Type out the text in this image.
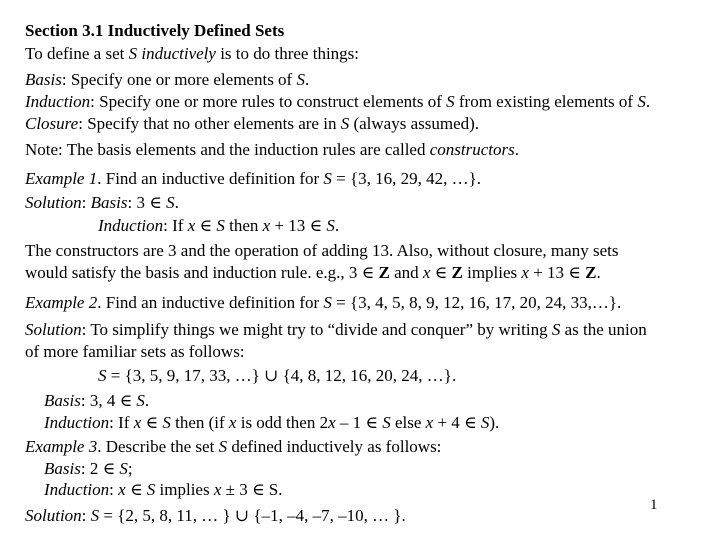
Section 3.1 Inductively Defined Sets
To define a set S inductively is to do three things:
Basis: Specify one or more elements of S.
Induction: Specify one or more rules to construct elements of S from existing elements of S.
Closure: Specify that no other elements are in S (always assumed).
Note: The basis elements and the induction rules are called constructors.
Example 1. Find an inductive definition for S = {3, 16, 29, 42, …}.
Solution: Basis: 3 ∈ S.
Induction: If x ∈ S then x + 13 ∈ S.
The constructors are 3 and the operation of adding 13. Also, without closure, many sets
would satisfy the basis and induction rule. e.g., 3 ∈ Z and x ∈ Z implies x + 13 ∈ Z.
Example 2. Find an inductive definition for S = {3, 4, 5, 8, 9, 12, 16, 17, 20, 24, 33,…}.
Solution: To simplify things we might try to “divide and conquer” by writing S as the union
of more familiar sets as follows:
S = {3, 5, 9, 17, 33, …} ∪ {4, 8, 12, 16, 20, 24, …}.
Basis: 3, 4 ∈ S.
Induction: If x ∈ S then (if x is odd then 2x – 1 ∈ S else x + 4 ∈ S).
Example 3. Describe the set S defined inductively as follows:
Basis: 2 ∈ S;
Induction: x ∈ S implies x ± 3 ∈ S.
Solution: S = {2, 5, 8, 11, … } ∪ {–1, –4, –7, –10, … }.
1
